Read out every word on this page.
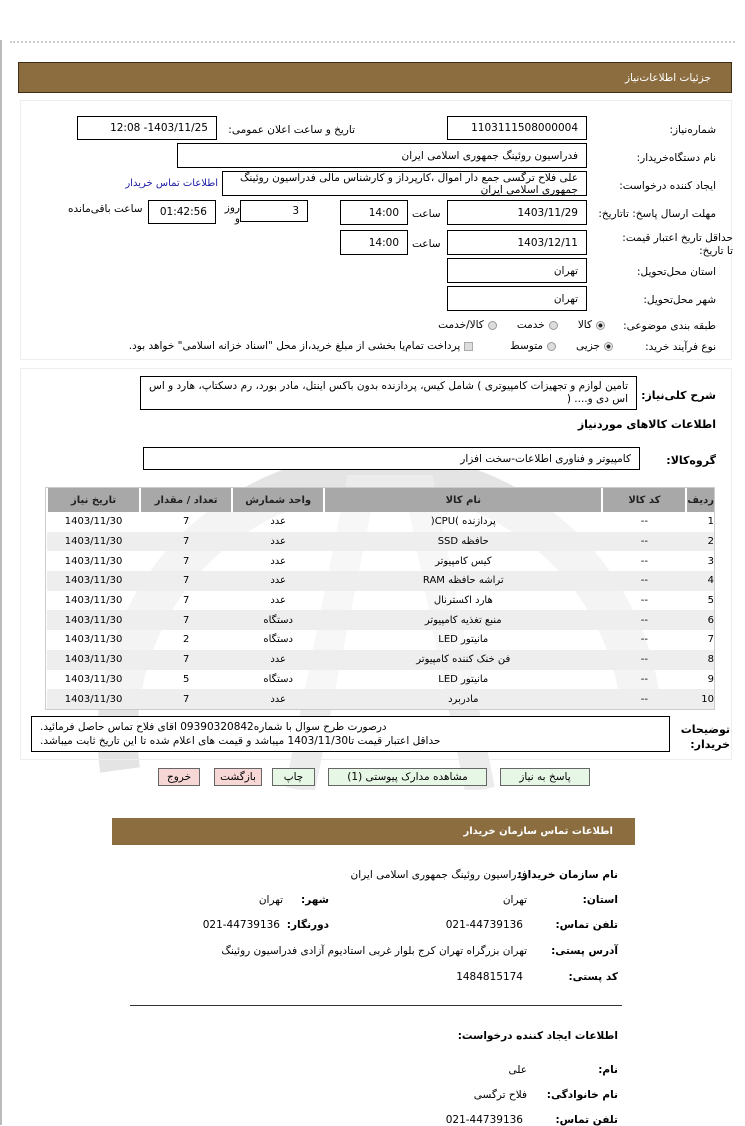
جزئیات اطلاعات‌نیاز
شماره‌نیاز:
1103111508000004
تاریخ و ساعت اعلان عمومی:
1403/11/25- 12:08
نام دستگاه‌خریدار:
فدراسیون روئینگ جمهوری اسلامی ایران
ایجاد کننده درخواست:
علی فلاح ترگسی جمع دار اموال ،کارپرداز و کارشناس مالی فدراسیون روئینگ جمهوری اسلامی ایران
اطلاعات تماس خریدار
مهلت ارسال پاسخ: تاتاریخ:
1403/11/29
ساعت
14:00
3
روز و
01:42:56
ساعت باقی‌مانده
حداقل تاریخ اعتبار قیمت: تا تاریخ:
1403/12/11
ساعت
14:00
استان محل‌تحویل:
تهران
شهر محل‌تحویل:
تهران
طبقه بندی موضوعی:
کالا      خدمت      کالا/خدمت
نوع فرآیند خرید:
جزیی      متوسط           پرداخت تمام‌یا بخشی از مبلغ خرید،از محل "اسناد خزانه اسلامی" خواهد بود.
شرح کلی‌نیاز:
تامین لوازم و تجهیزات کامپیوتری ) شامل کیس، پردازنده بدون باکس اینتل، مادر بورد، رم دسکتاپ، هارد و اس اس دی و.... (
اطلاعات کالاهای موردنیاز
گروه‌کالا:
کامپیوتر و فناوری اطلاعات-سخت افزار
ردیف	کد کالا	نام کالا	واحد شمارش	تعداد / مقدار	تاریخ نیاز
1	--	پردازنده )CPU(	عدد	7	1403/11/30
2	--	حافظه SSD	عدد	7	1403/11/30
3	--	کیس کامپیوتر	عدد	7	1403/11/30
4	--	تراشه حافظه RAM	عدد	7	1403/11/30
5	--	هارد اکسترنال	عدد	7	1403/11/30
6	--	منبع تغذیه کامپیوتر	دستگاه	7	1403/11/30
7	--	مانیتور LED	دستگاه	2	1403/11/30
8	--	فن خنک کننده کامپیوتر	عدد	7	1403/11/30
9	--	مانیتور LED	دستگاه	5	1403/11/30
10	--	مادربرد	عدد	7	1403/11/30
توضیحات خریدار:
درصورت طرح سوال با شماره09390320842 اقای فلاح تماس حاصل فرمائید.
حداقل اعتبار قیمت تا1403/11/30 میباشد و قیمت های اعلام شده تا این تاریخ ثابت میباشد.
پاسخ به نیاز
مشاهده مدارک پیوستی (1)
چاپ
بازگشت
خروج
اطلاعات تماس سازمان خریدار
نام سازمان خریدار:
فدراسیون روئینگ جمهوری اسلامی ایران
استان:
تهران
شهر:
تهران
تلفن تماس:
021-44739136
دورنگار:
021-44739136
آدرس پستی:
تهران بزرگراه تهران کرج بلوار غربی استادیوم آزادی فدراسیون روئینگ
کد پستی:
1484815174
اطلاعات ایجاد کننده درخواست:
نام:
علی
نام خانوادگی:
فلاح ترگسی
تلفن تماس:
021-44739136
